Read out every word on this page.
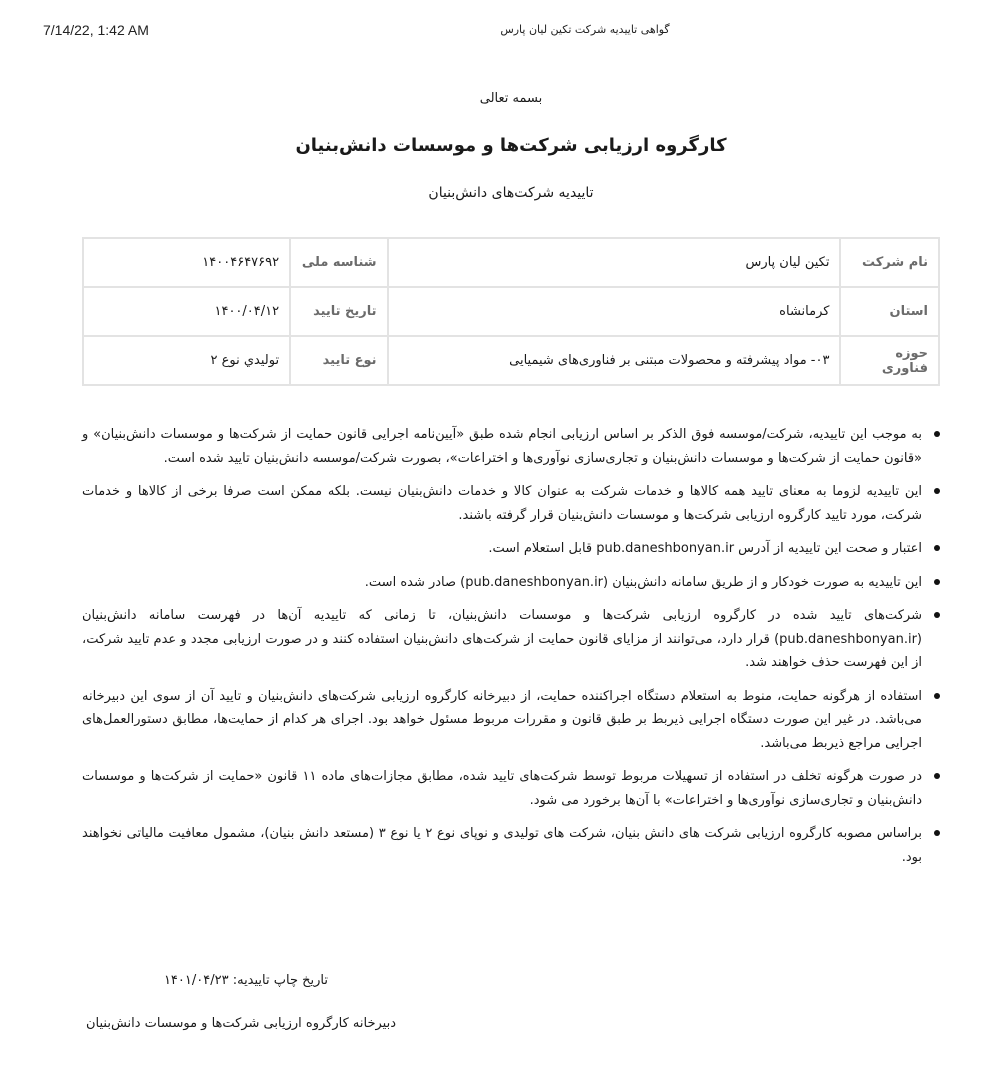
7/14/22, 1:42 AM	گواهی تاییدیه شرکت تکین لیان پارس
بسمه تعالی
کارگروه ارزیابی شرکت‌ها و موسسات دانش‌بنیان
تاییدیه شرکت‌های دانش‌بنیان
نام شرکت	تکین لیان پارس	شناسه ملی	۱۴۰۰۴۶۴۷۶۹۲
استان	کرمانشاه	تاریخ تایید	۱۴۰۰/۰۴/۱۲
حوزه فناوری	۰۳- مواد پیشرفته و محصولات مبتنی بر فناوری‌های شیمیایی	نوع تایید	توليدي نوع ۲
به موجب این تاییدیه، شرکت/موسسه فوق الذکر بر اساس ارزیابی انجام شده طبق «آیین‌نامه اجرایی قانون حمایت از شرکت‌ها و موسسات دانش‌بنیان» و «قانون حمایت از شرکت‌ها و موسسات دانش‌بنیان و تجاری‌سازی نوآوری‌ها و اختراعات»، بصورت شرکت/موسسه دانش‌بنیان تایید شده است.
این تاییدیه لزوما به معنای تایید همه کالاها و خدمات شرکت به عنوان کالا و خدمات دانش‌بنیان نیست. بلکه ممکن است صرفا برخی از کالاها و خدمات شرکت، مورد تایید کارگروه ارزیابی شرکت‌ها و موسسات دانش‌بنیان قرار گرفته باشند.
اعتبار و صحت این تاییدیه از آدرس pub.daneshbonyan.ir قابل استعلام است.
این تاییدیه به صورت خودکار و از طریق سامانه دانش‌بنیان (pub.daneshbonyan.ir) صادر شده است.
شرکت‌های تایید شده در کارگروه ارزیابی شرکت‌ها و موسسات دانش‌بنیان، تا زمانی که تاییدیه آن‌ها در فهرست سامانه دانش‌بنیان (pub.daneshbonyan.ir) قرار دارد، می‌توانند از مزایای قانون حمایت از شرکت‌های دانش‌بنیان استفاده کنند و در صورت ارزیابی مجدد و عدم تایید شرکت، از این فهرست حذف خواهند شد.
استفاده از هرگونه حمایت، منوط به استعلام دستگاه اجراکننده حمایت، از دبیرخانه کارگروه ارزیابی شرکت‌های دانش‌بنیان و تایید آن از سوی این دبیرخانه می‌باشد. در غیر این صورت دستگاه اجرایی ذیربط بر طبق قانون و مقررات مربوط مسئول خواهد بود. اجرای هر کدام از حمایت‌ها، مطابق دستورالعمل‌های اجرایی مراجع ذیربط می‌باشد.
در صورت هرگونه تخلف در استفاده از تسهیلات مربوط توسط شرکت‌های تایید شده، مطابق مجازات‌های ماده ۱۱ قانون «حمایت از شرکت‌ها و موسسات دانش‌بنیان و تجاری‌سازی نوآوری‌ها و اختراعات» با آن‌ها برخورد می شود.
براساس مصوبه کارگروه ارزیابی شرکت های دانش بنیان، شرکت های تولیدی و نوپای نوع ۲ یا نوع ۳ (مستعد دانش بنیان)، مشمول معافیت مالیاتی نخواهند بود.
تاریخ چاپ تاییدیه: ۱۴۰۱/۰۴/۲۳
دبیرخانه کارگروه ارزیابی شرکت‌ها و موسسات دانش‌بنیان
